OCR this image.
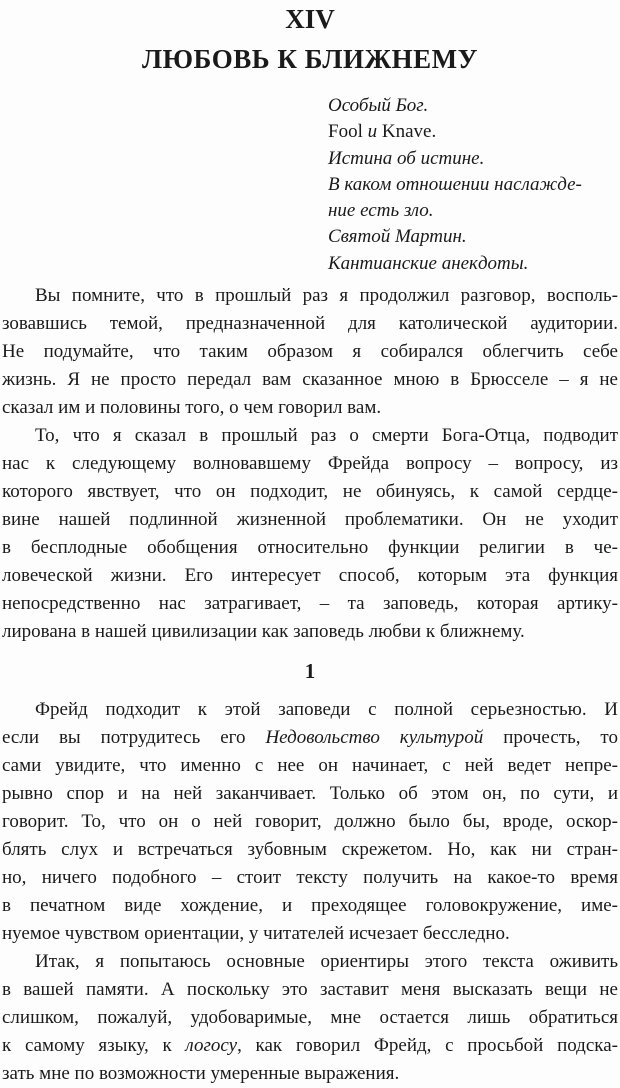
XIV
ЛЮБОВЬ К БЛИЖНЕМУ
Особый Бог.
Fool и Knave.
Истина об истине.
В каком отношении наслажде-
ние есть зло.
Святой Мартин.
Кантианские анекдоты.
Вы помните, что в прошлый раз я продолжил разговор, восполь-
зовавшись темой, предназначенной для католической аудитории.
Не подумайте, что таким образом я собирался облегчить себе
жизнь. Я не просто передал вам сказанное мною в Брюсселе – я не
сказал им и половины того, о чем говорил вам.
То, что я сказал в прошлый раз о смерти Бога-Отца, подводит
нас к следующему волновавшему Фрейда вопросу – вопросу, из
которого явствует, что он подходит, не обинуясь, к самой сердце-
вине нашей подлинной жизненной проблематики. Он не уходит
в бесплодные обобщения относительно функции религии в че-
ловеческой жизни. Его интересует способ, которым эта функция
непосредственно нас затрагивает, – та заповедь, которая артику-
лирована в нашей цивилизации как заповедь любви к ближнему.
1
Фрейд подходит к этой заповеди с полной серьезностью. И
если вы потрудитесь его Недовольство культурой прочесть, то
сами увидите, что именно с нее он начинает, с ней ведет непре-
рывно спор и на ней заканчивает. Только об этом он, по сути, и
говорит. То, что он о ней говорит, должно было бы, вроде, оскор-
блять слух и встречаться зубовным скрежетом. Но, как ни стран-
но, ничего подобного – стоит тексту получить на какое-то время
в печатном виде хождение, и преходящее головокружение, име-
нуемое чувством ориентации, у читателей исчезает бесследно.
Итак, я попытаюсь основные ориентиры этого текста оживить
в вашей памяти. А поскольку это заставит меня высказать вещи не
слишком, пожалуй, удобоваримые, мне остается лишь обратиться
к самому языку, к логосу, как говорил Фрейд, с просьбой подска-
зать мне по возможности умеренные выражения.
